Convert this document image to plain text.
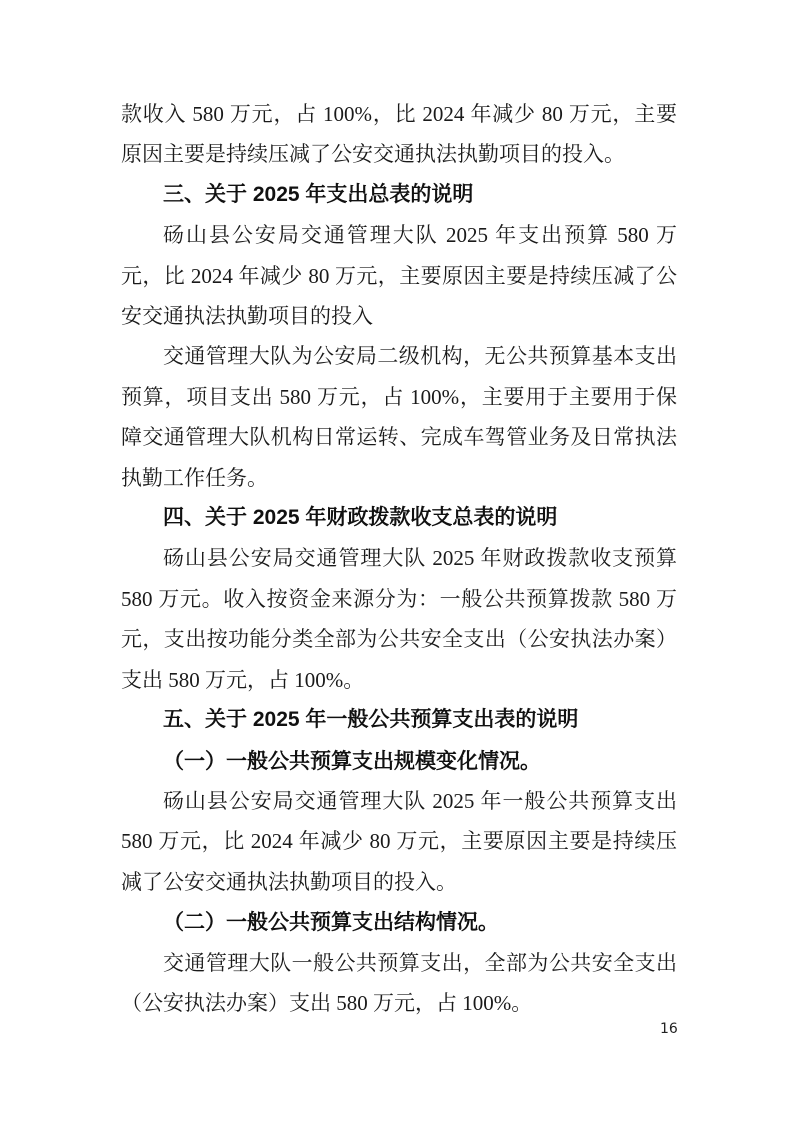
款收入 580 万元，占 100%，比 2024 年减少 80 万元，主要原因主要是持续压减了公安交通执法执勤项目的投入。

三、关于 2025 年支出总表的说明

砀山县公安局交通管理大队 2025 年支出预算 580 万元，比 2024 年减少 80 万元，主要原因主要是持续压减了公安交通执法执勤项目的投入

交通管理大队为公安局二级机构，无公共预算基本支出预算，项目支出 580 万元，占 100%，主要用于主要用于保障交通管理大队机构日常运转、完成车驾管业务及日常执法执勤工作任务。

四、关于 2025 年财政拨款收支总表的说明

砀山县公安局交通管理大队 2025 年财政拨款收支预算 580 万元。收入按资金来源分为：一般公共预算拨款 580 万元，支出按功能分类全部为公共安全支出（公安执法办案）支出 580 万元，占 100%。

五、关于 2025 年一般公共预算支出表的说明

（一）一般公共预算支出规模变化情况。

砀山县公安局交通管理大队 2025 年一般公共预算支出 580 万元，比 2024 年减少 80 万元，主要原因主要是持续压减了公安交通执法执勤项目的投入。

（二）一般公共预算支出结构情况。

交通管理大队一般公共预算支出，全部为公共安全支出（公安执法办案）支出 580 万元，占 100%。

16
